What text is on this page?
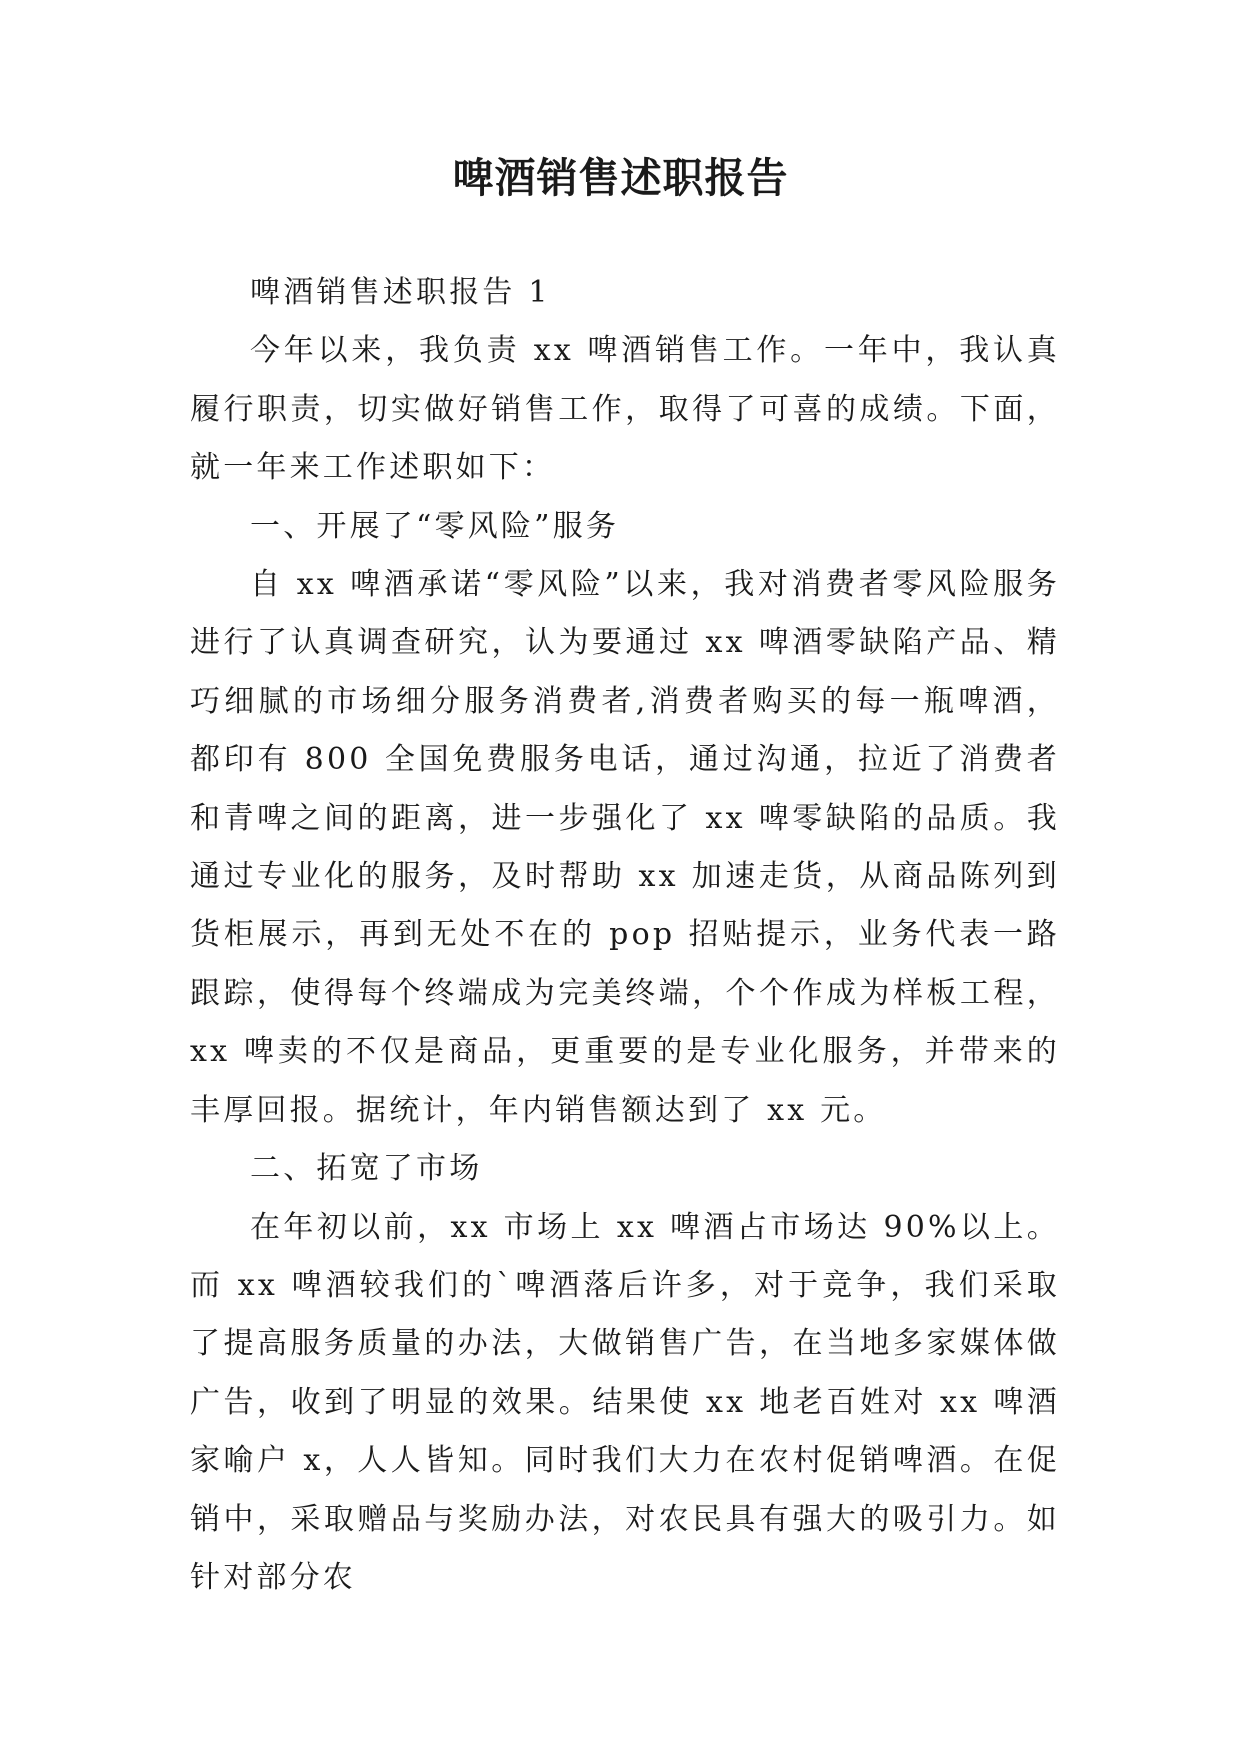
啤酒销售述职报告

啤酒销售述职报告 1

今年以来，我负责 xx 啤酒销售工作。一年中，我认真履行职责，切实做好销售工作，取得了可喜的成绩。下面，就一年来工作述职如下：

一、开展了“零风险”服务

自 xx 啤酒承诺“零风险”以来，我对消费者零风险服务进行了认真调查研究，认为要通过 xx 啤酒零缺陷产品、精巧细腻的市场细分服务消费者,消费者购买的每一瓶啤酒，都印有 800 全国免费服务电话，通过沟通，拉近了消费者和青啤之间的距离，进一步强化了 xx 啤零缺陷的品质。我通过专业化的服务，及时帮助 xx 加速走货，从商品陈列到货柜展示，再到无处不在的 pop 招贴提示，业务代表一路跟踪，使得每个终端成为完美终端，个个作成为样板工程，xx 啤卖的不仅是商品，更重要的是专业化服务，并带来的丰厚回报。据统计，年内销售额达到了 xx 元。

二、拓宽了市场

在年初以前，xx 市场上 xx 啤酒占市场达 90%以上。而 xx 啤酒较我们的`啤酒落后许多，对于竞争，我们采取了提高服务质量的办法，大做销售广告，在当地多家媒体做广告，收到了明显的效果。结果使 xx 地老百姓对 xx 啤酒家喻户 x，人人皆知。同时我们大力在农村促销啤酒。在促销中，采取赠品与奖励办法，对农民具有强大的吸引力。如针对部分农
